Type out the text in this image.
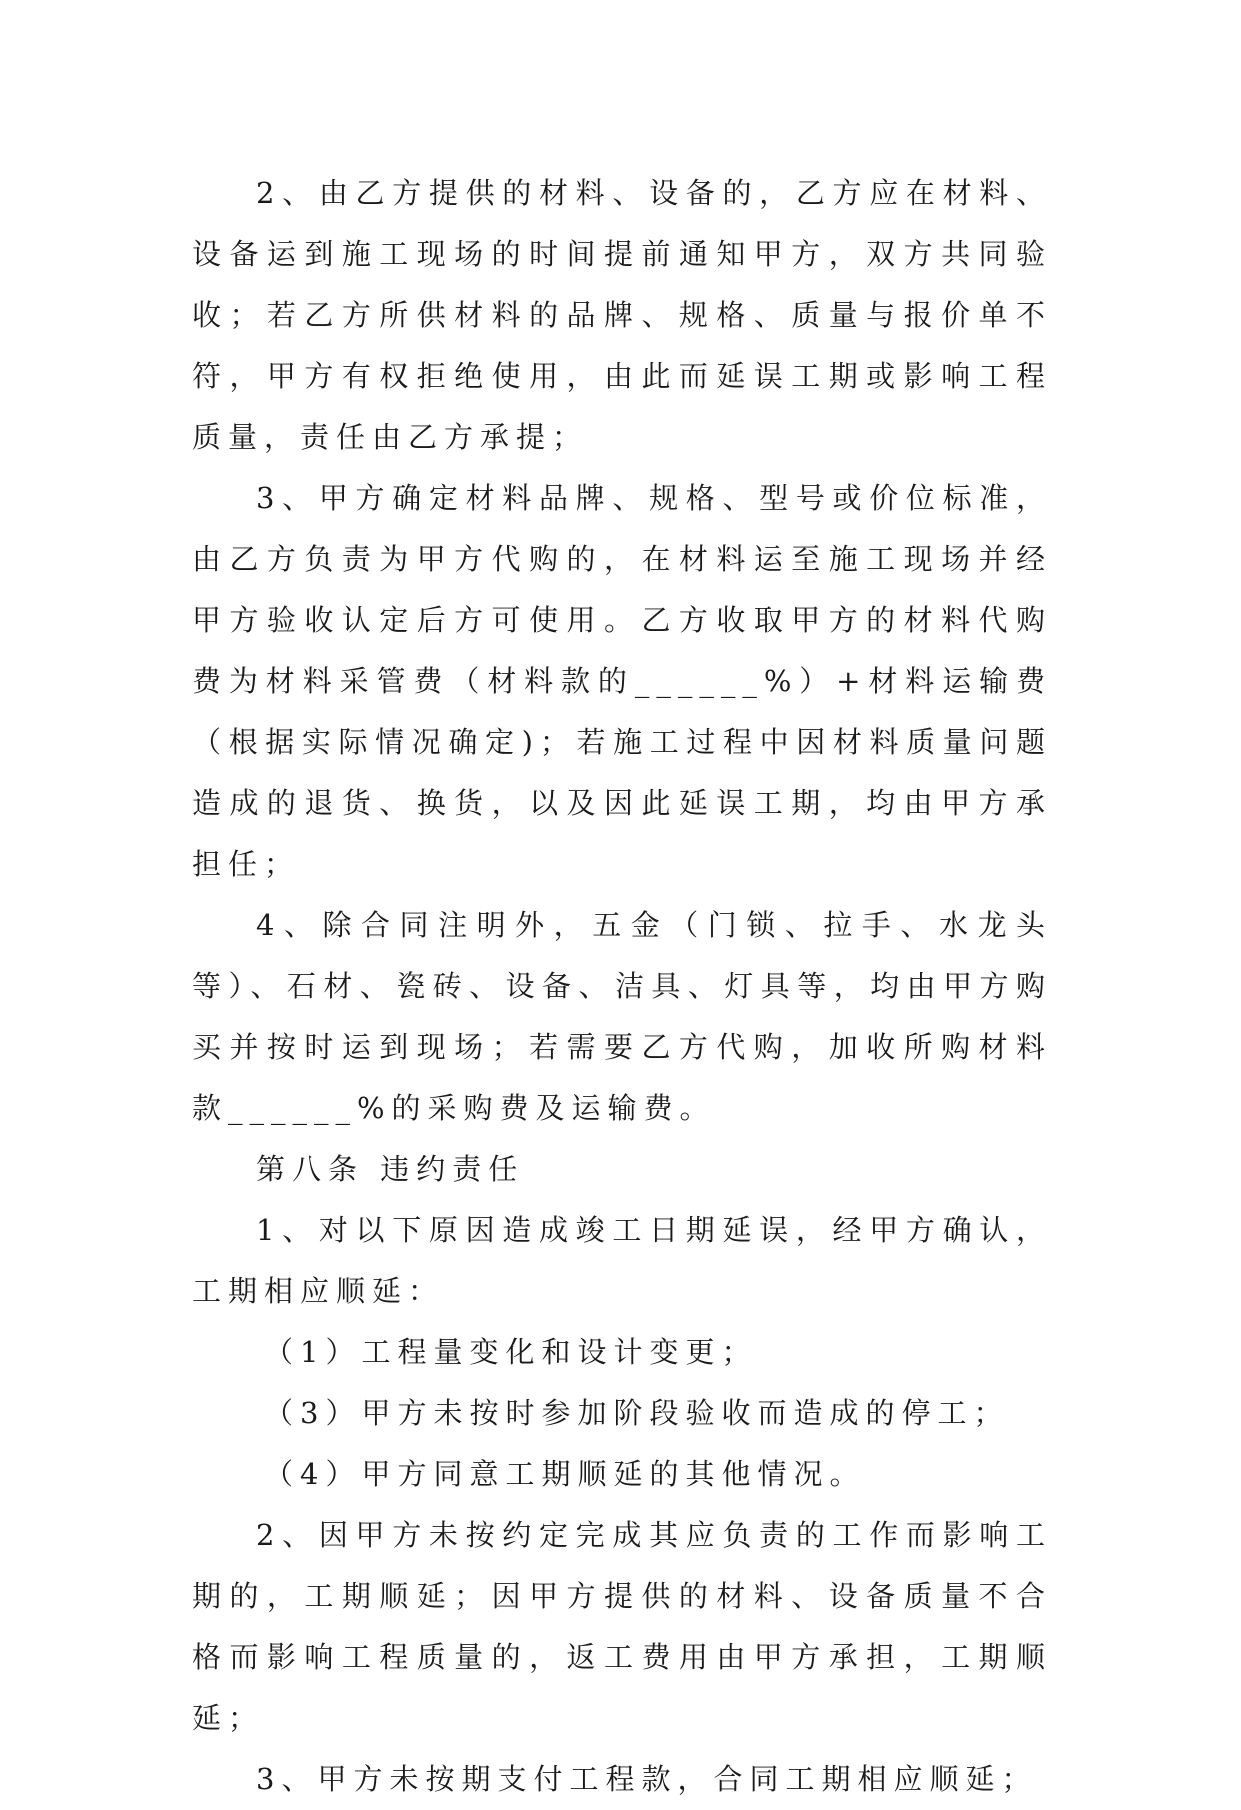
2、由乙方提供的材料、设备的，乙方应在材料、设备运到施工现场的时间提前通知甲方，双方共同验收；若乙方所供材料的品牌、规格、质量与报价单不符，甲方有权拒绝使用，由此而延误工期或影响工程质量，责任由乙方承提；

3、甲方确定材料品牌、规格、型号或价位标准，由乙方负责为甲方代购的，在材料运至施工现场并经甲方验收认定后方可使用。乙方收取甲方的材料代购费为材料采管费（材料款的______%）+材料运输费（根据实际情况确定)；若施工过程中因材料质量问题造成的退货、换货，以及因此延误工期，均由甲方承担任；

4、除合同注明外，五金（门锁、拉手、水龙头等）、石材、瓷砖、设备、洁具、灯具等，均由甲方购买并按时运到现场；若需要乙方代购，加收所购材料款______%的采购费及运输费。

第八条 违约责任

1、对以下原因造成竣工日期延误，经甲方确认，工期相应顺延：

（1）工程量变化和设计变更；

（3）甲方未按时参加阶段验收而造成的停工；

（4）甲方同意工期顺延的其他情况。

2、因甲方未按约定完成其应负责的工作而影响工期的，工期顺延；因甲方提供的材料、设备质量不合格而影响工程质量的，返工费用由甲方承担，工期顺延；

3、甲方未按期支付工程款，合同工期相应顺延；
